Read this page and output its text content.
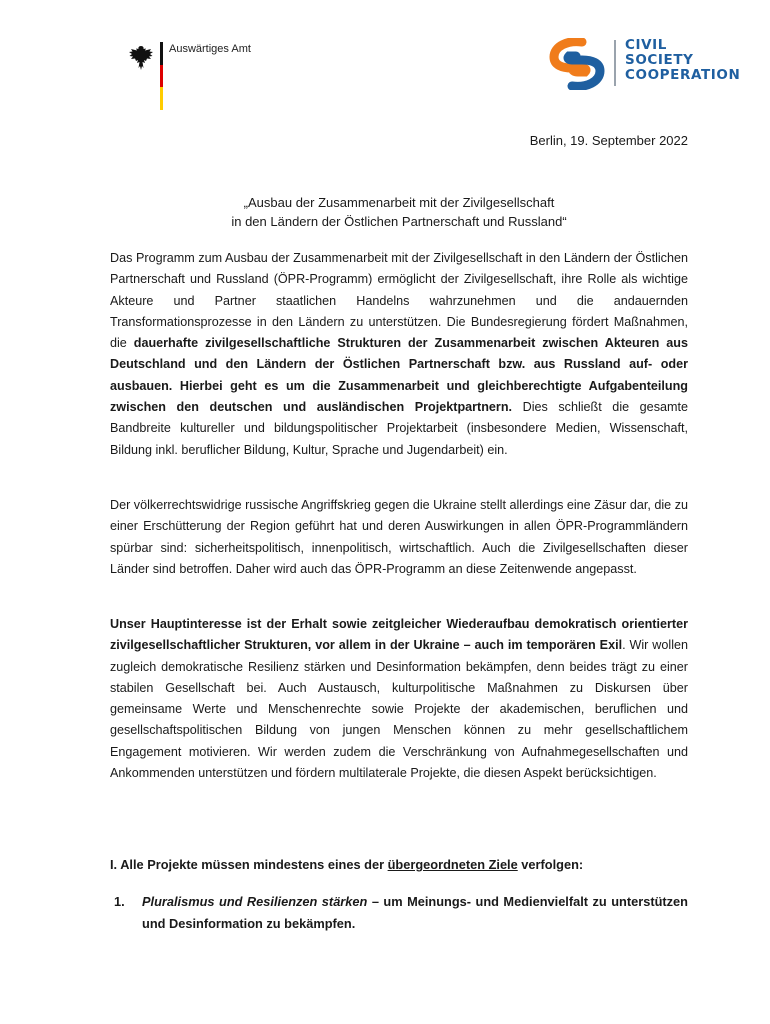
Auswärtiges Amt	CIVIL
SOCIETY
COOPERATION
Berlin, 19. September 2022
„Ausbau der Zusammenarbeit mit der Zivilgesellschaft
in den Ländern der Östlichen Partnerschaft und Russland“
Das Programm zum Ausbau der Zusammenarbeit mit der Zivilgesellschaft in den Ländern der Östlichen Partnerschaft und Russland (ÖPR-Programm) ermöglicht der Zivilgesellschaft, ihre Rolle als wichtige Akteure und Partner staatlichen Handelns wahrzunehmen und die andauernden Transformationsprozesse in den Ländern zu unterstützen. Die Bundesregierung fördert Maßnahmen, die dauerhafte zivilgesellschaftliche Strukturen der Zusammenarbeit zwischen Akteuren aus Deutschland und den Ländern der Östlichen Partnerschaft bzw. aus Russland auf- oder ausbauen. Hierbei geht es um die Zusammenarbeit und gleichberechtigte Aufgabenteilung zwischen den deutschen und ausländischen Projektpartnern. Dies schließt die gesamte Bandbreite kultureller und bildungspolitischer Projektarbeit (insbesondere Medien, Wissenschaft, Bildung inkl. beruflicher Bildung, Kultur, Sprache und Jugendarbeit) ein.
Der völkerrechtswidrige russische Angriffskrieg gegen die Ukraine stellt allerdings eine Zäsur dar, die zu einer Erschütterung der Region geführt hat und deren Auswirkungen in allen ÖPR-Programmländern spürbar sind: sicherheitspolitisch, innenpolitisch, wirtschaftlich. Auch die Zivilgesellschaften dieser Länder sind betroffen. Daher wird auch das ÖPR-Programm an diese Zeitenwende angepasst.
Unser Hauptinteresse ist der Erhalt sowie zeitgleicher Wiederaufbau demokratisch orientierter zivilgesellschaftlicher Strukturen, vor allem in der Ukraine – auch im temporären Exil. Wir wollen zugleich demokratische Resilienz stärken und Desinformation bekämpfen, denn beides trägt zu einer stabilen Gesellschaft bei. Auch Austausch, kulturpolitische Maßnahmen zu Diskursen über gemeinsame Werte und Menschenrechte sowie Projekte der akademischen, beruflichen und gesellschaftspolitischen Bildung von jungen Menschen können zu mehr gesellschaftlichem Engagement motivieren. Wir werden zudem die Verschränkung von Aufnahmegesellschaften und Ankommenden unterstützen und fördern multilaterale Projekte, die diesen Aspekt berücksichtigen.
I. Alle Projekte müssen mindestens eines der übergeordneten Ziele verfolgen:
1. Pluralismus und Resilienzen stärken – um Meinungs- und Medienvielfalt zu unterstützen und Desinformation zu bekämpfen.
